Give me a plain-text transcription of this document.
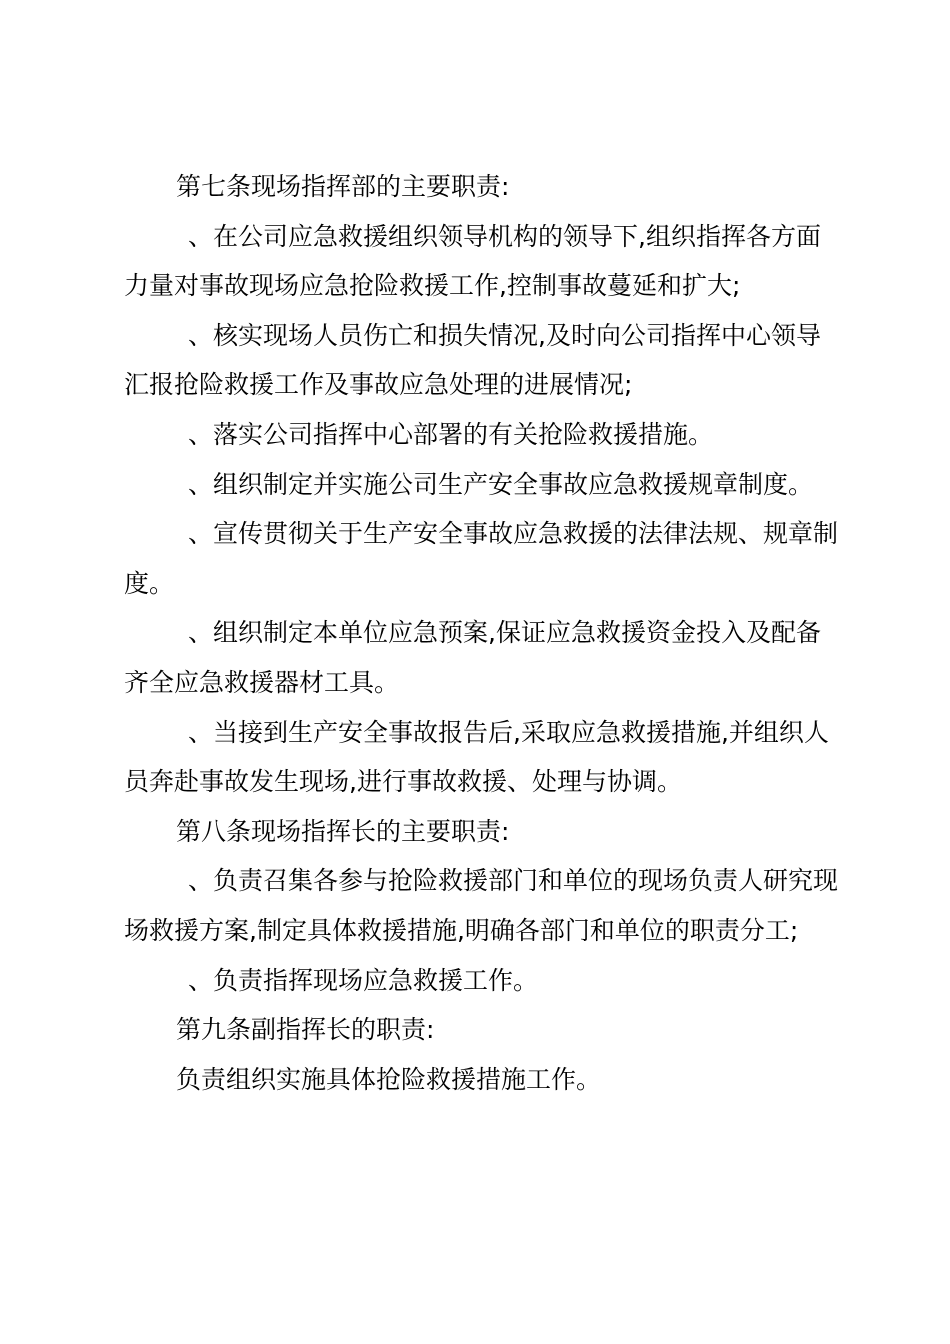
第七条现场指挥部的主要职责:

、在公司应急救援组织领导机构的领导下,组织指挥各方面力量对事故现场应急抢险救援工作,控制事故蔓延和扩大;

、核实现场人员伤亡和损失情况,及时向公司指挥中心领导汇报抢险救援工作及事故应急处理的进展情况;

、落实公司指挥中心部署的有关抢险救援措施。

、组织制定并实施公司生产安全事故应急救援规章制度。

、宣传贯彻关于生产安全事故应急救援的法律法规、规章制度。

、组织制定本单位应急预案,保证应急救援资金投入及配备齐全应急救援器材工具。

、当接到生产安全事故报告后,采取应急救援措施,并组织人员奔赴事故发生现场,进行事故救援、处理与协调。

第八条现场指挥长的主要职责:

、负责召集各参与抢险救援部门和单位的现场负责人研究现场救援方案,制定具体救援措施,明确各部门和单位的职责分工;

、负责指挥现场应急救援工作。

第九条副指挥长的职责:

负责组织实施具体抢险救援措施工作。
